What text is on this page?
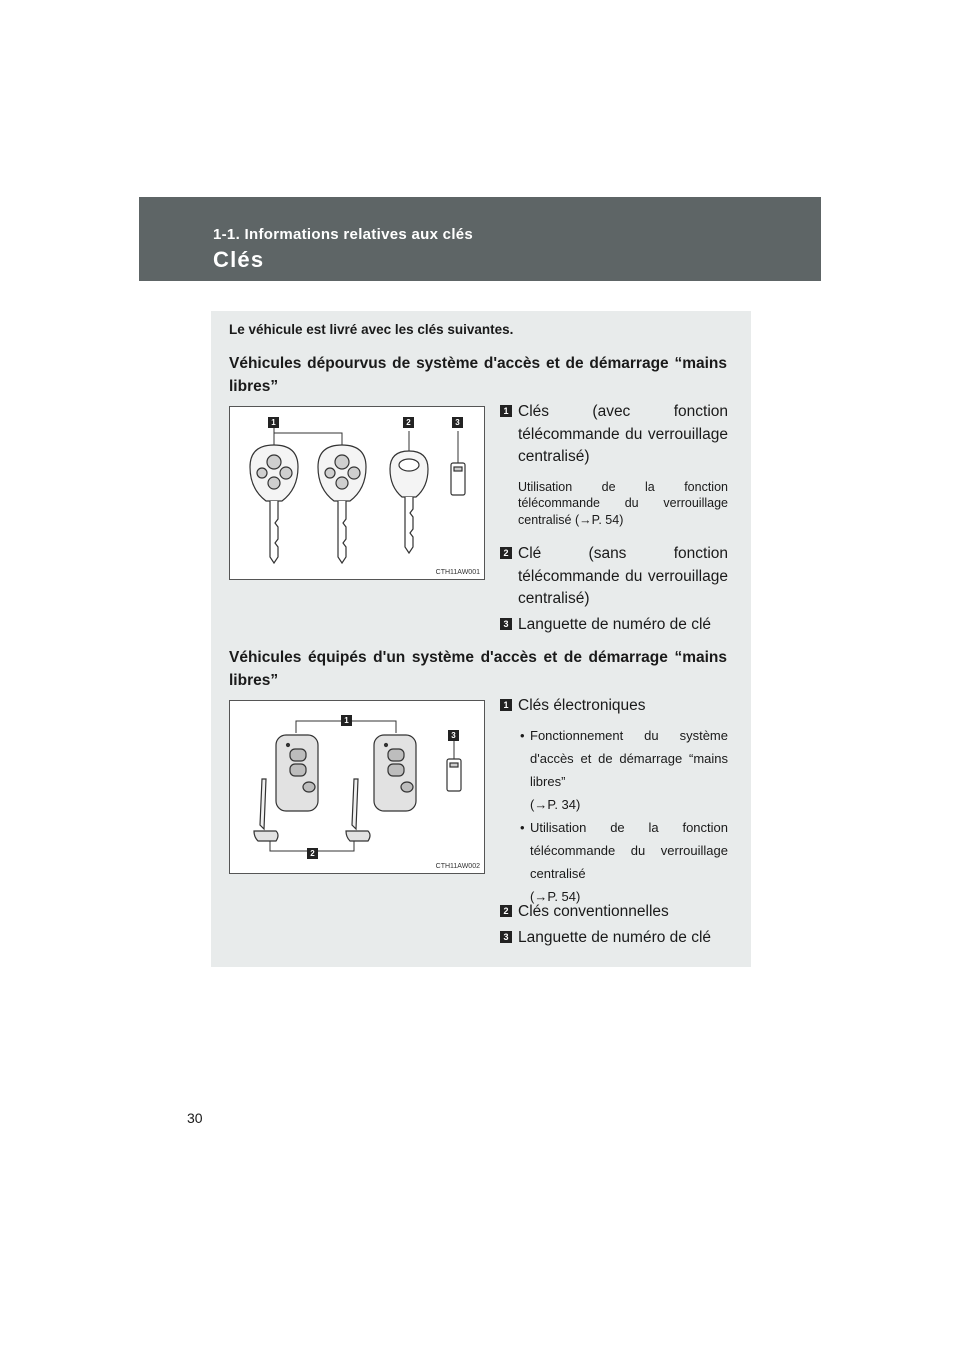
1-1. Informations relatives aux clés
Clés
Le véhicule est livré avec les clés suivantes.
Véhicules dépourvus de système d'accès et de démarrage “mains libres”
1	2	3
CTH11AW001
1 Clés (avec fonction télécommande du verrouillage centralisé)
Utilisation de la fonction télécommande du verrouillage centralisé (→P. 54)
2 Clé (sans fonction télécommande du verrouillage centralisé)
3 Languette de numéro de clé
Véhicules équipés d'un système d'accès et de démarrage “mains libres”
1
3
2
CTH11AW002
1 Clés électroniques
• Fonctionnement du système d'accès et de démarrage “mains libres”
(→P. 34)
• Utilisation de la fonction télécommande du verrouillage centralisé
(→P. 54)
2 Clés conventionnelles
3 Languette de numéro de clé
30
